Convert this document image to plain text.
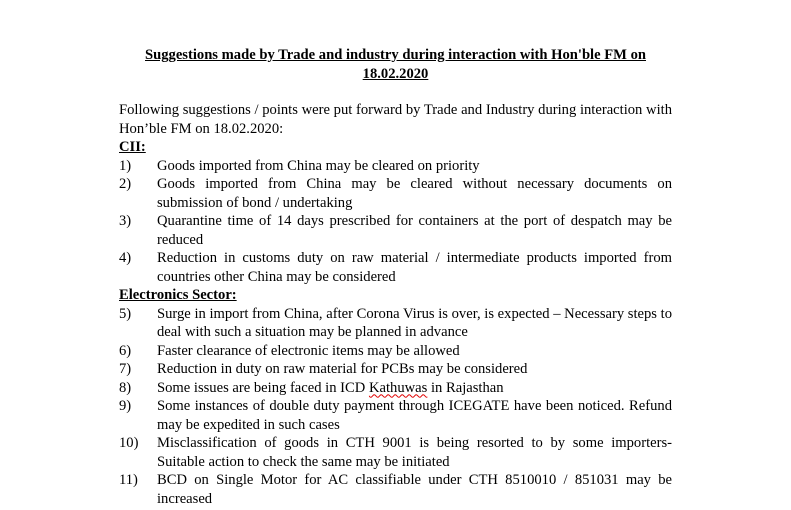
Suggestions made by Trade and industry during interaction with Hon'ble FM on 18.02.2020

Following suggestions / points were put forward by Trade and Industry during interaction with Hon’ble FM on 18.02.2020:

CII:

1)	Goods imported from China may be cleared on priority
2)	Goods imported from China may be cleared without necessary documents on submission of bond / undertaking
3)	Quarantine time of 14 days prescribed for containers at the port of despatch may be reduced
4)	Reduction in customs duty on raw material / intermediate products imported from countries other China may be considered

Electronics Sector:

5)	Surge in import from China, after Corona Virus is over, is expected – Necessary steps to deal with such a situation may be planned in advance
6)	Faster clearance of electronic items may be allowed
7)	Reduction in duty on raw material for PCBs may be considered
8)	Some issues are being faced in ICD Kathuwas in Rajasthan
9)	Some instances of double duty payment through ICEGATE have been noticed. Refund may be expedited in such cases
10)	Misclassification of goods in CTH 9001 is being resorted to by some importers- Suitable action to check the same may be initiated
11)	BCD on Single Motor for AC classifiable under CTH 8510010 / 851031 may be increased
